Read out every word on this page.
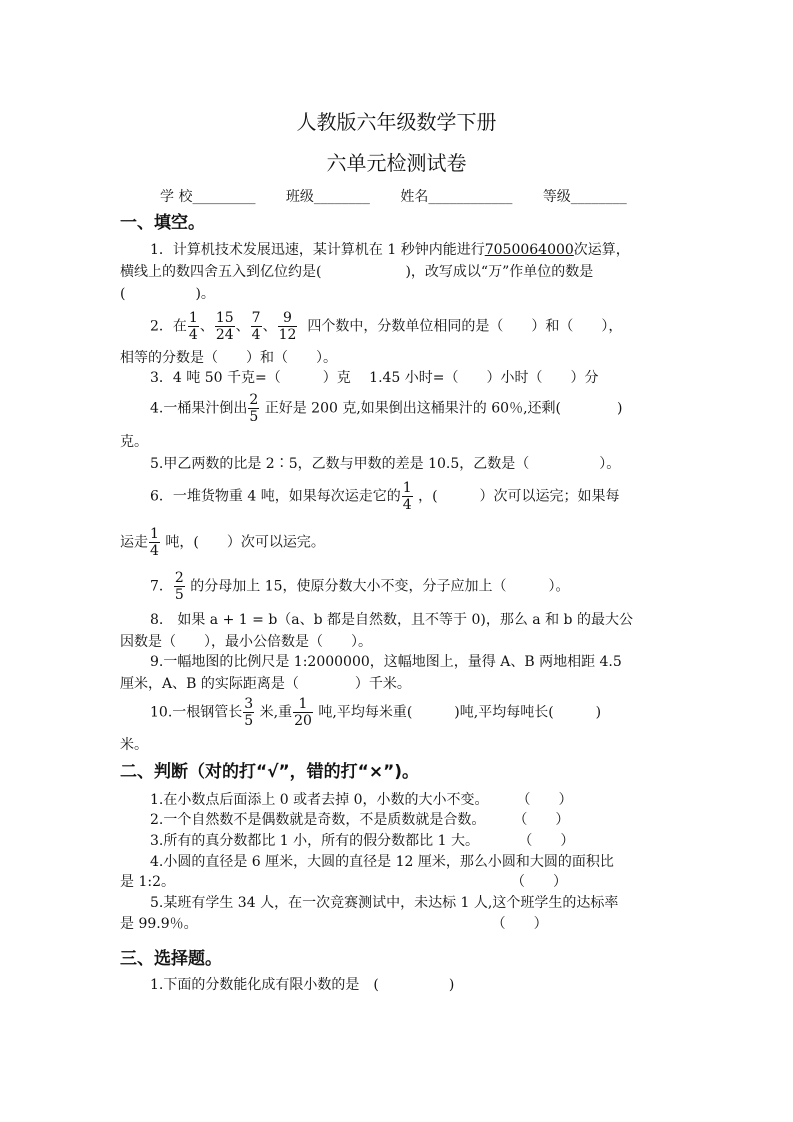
人教版六年级数学下册
六单元检测试卷
学 校_________ 班级________ 姓名____________ 等级________
一、填空。
1．计算机技术发展迅速，某计算机在 1 秒钟内能进行7050064000次运算，
横线上的数四舍五入到亿位约是(　　　　　　)，改写成以“万”作单位的数是
(　　　　　)。
2．在 $\frac{1}{4}$ 、 $\frac{15}{24}$ 、 $\frac{7}{4}$ 、 $\frac{9}{12}$ 四个数中，分数单位相同的是（　　）和（　　），
相等的分数是（　　）和（　　）。
3．4 吨 50 千克=（　　　）克　 1.45 小时=（　　）小时（　　）分
4.一桶果汁倒出 $\frac{2}{5}$ 正好是 200 克,如果倒出这桶果汁的 60％,还剩(　　　　)
克。
5.甲乙两数的比是 2∶5，乙数与甲数的差是 10.5，乙数是（　　　　　）。
6．一堆货物重 4 吨，如果每次运走它的 $\frac{1}{4}$ ，(　　　）次可以运完；如果每
运走 $\frac{1}{4}$ 吨，(　　）次可以运完。
7． $\frac{2}{5}$ 的分母加上 15，使原分数大小不变，分子应加上（　　　）。
8.　如果 a + 1 = b（a、b 都是自然数，且不等于 0)，那么 a 和 b 的最大公
因数是（　　），最小公倍数是（　　）。
9.一幅地图的比例尺是 1:2000000，这幅地图上，量得 A、B 两地相距 4.5
厘米，A、B 的实际距离是（　　　　）千米。
10.一根钢管长 $\frac{3}{5}$ 米,重 $\frac{1}{20}$ 吨,平均每米重(　　　)吨,平均每吨长(　　　)
米。
二、判断（对的打“√”，错的打“×”)。
1.在小数点后面添上 0 或者去掉 0，小数的大小不变。　　　（　　）
2.一个自然数不是偶数就是奇数，不是质数就是合数。　　　（　　）
3.所有的真分数都比 1 小，所有的假分数都比 1 大。　　　 （　　）
4.小圆的直径是 6 厘米，大圆的直径是 12 厘米，那么小圆和大圆的面积比
是 1:2。　　　　　　　　　　　　　　　　　　　　　　　　　（　　）
5.某班有学生 34 人，在一次竞赛测试中，未达标 1 人,这个班学生的达标率
是 99.9％。　　　　　　　　　　　　　　　　　　　　　　（　　）
三、选择题。
1.下面的分数能化成有限小数的是　(　　　　　)
